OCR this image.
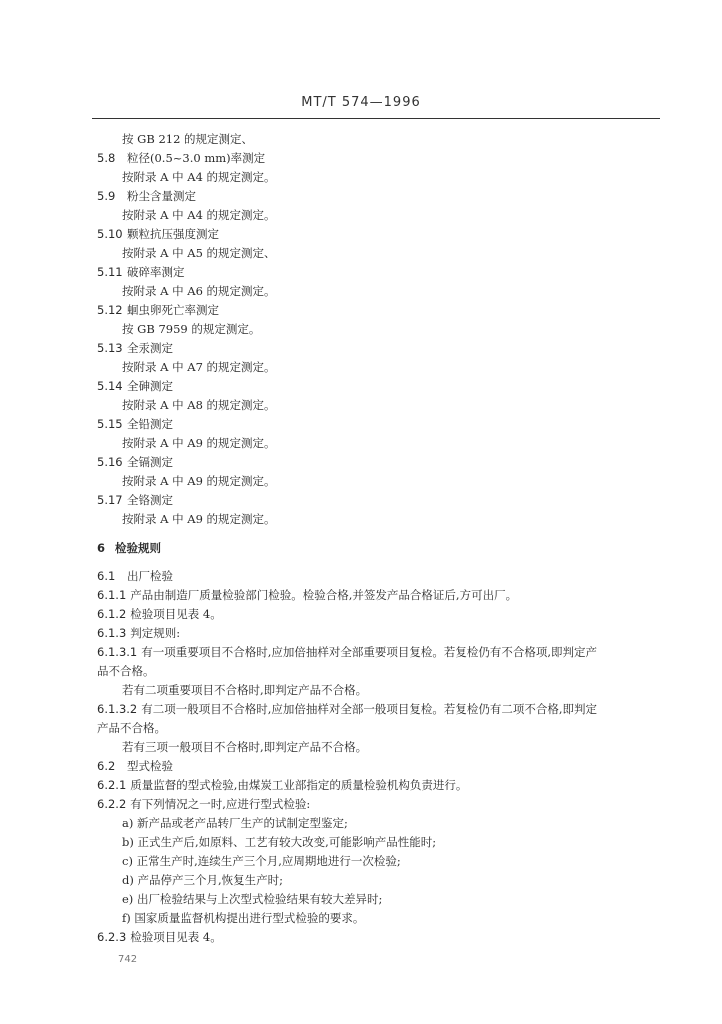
MT/T 574—1996
按 GB 212 的规定测定、
5.8 粒径(0.5~3.0 mm)率测定
按附录 A 中 A4 的规定测定。
5.9 粉尘含量测定
按附录 A 中 A4 的规定测定。
5.10 颗粒抗压强度测定
按附录 A 中 A5 的规定测定、
5.11 破碎率测定
按附录 A 中 A6 的规定测定。
5.12 蛔虫卵死亡率测定
按 GB 7959 的规定测定。
5.13 全汞测定
按附录 A 中 A7 的规定测定。
5.14 全砷测定
按附录 A 中 A8 的规定测定。
5.15 全铅测定
按附录 A 中 A9 的规定测定。
5.16 全镉测定
按附录 A 中 A9 的规定测定。
5.17 全铬测定
按附录 A 中 A9 的规定测定。
6 检验规则
6.1 出厂检验
6.1.1 产品由制造厂质量检验部门检验。检验合格,并签发产品合格证后,方可出厂。
6.1.2 检验项目见表 4。
6.1.3 判定规则:
6.1.3.1 有一项重要项目不合格时,应加倍抽样对全部重要项目复检。若复检仍有不合格项,即判定产
品不合格。
若有二项重要项目不合格时,即判定产品不合格。
6.1.3.2 有二项一般项目不合格时,应加倍抽样对全部一般项目复检。若复检仍有二项不合格,即判定
产品不合格。
若有三项一般项目不合格时,即判定产品不合格。
6.2 型式检验
6.2.1 质量监督的型式检验,由煤炭工业部指定的质量检验机构负责进行。
6.2.2 有下列情况之一时,应进行型式检验:
a) 新产品或老产品转厂生产的试制定型鉴定;
b) 正式生产后,如原料、工艺有较大改变,可能影响产品性能时;
c) 正常生产时,连续生产三个月,应周期地进行一次检验;
d) 产品停产三个月,恢复生产时;
e) 出厂检验结果与上次型式检验结果有较大差异时;
f) 国家质量监督机构提出进行型式检验的要求。
6.2.3 检验项目见表 4。
742
